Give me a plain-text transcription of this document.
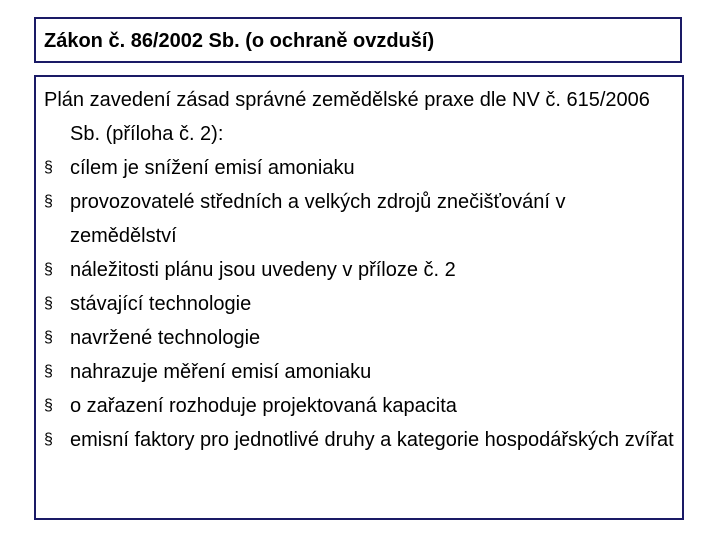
Zákon č. 86/2002 Sb. (o ochraně ovzduší)
Plán zavedení zásad správné zemědělské praxe dle NV č. 615/2006 Sb. (příloha č. 2):
§ cílem je snížení emisí amoniaku
§ provozovatelé středních a velkých zdrojů znečišťování v zemědělství
§ náležitosti plánu jsou uvedeny v příloze č. 2
§ stávající technologie
§ navržené technologie
§ nahrazuje měření emisí amoniaku
§ o zařazení rozhoduje projektovaná kapacita
§ emisní faktory pro jednotlivé druhy a kategorie hospodářských zvířat
